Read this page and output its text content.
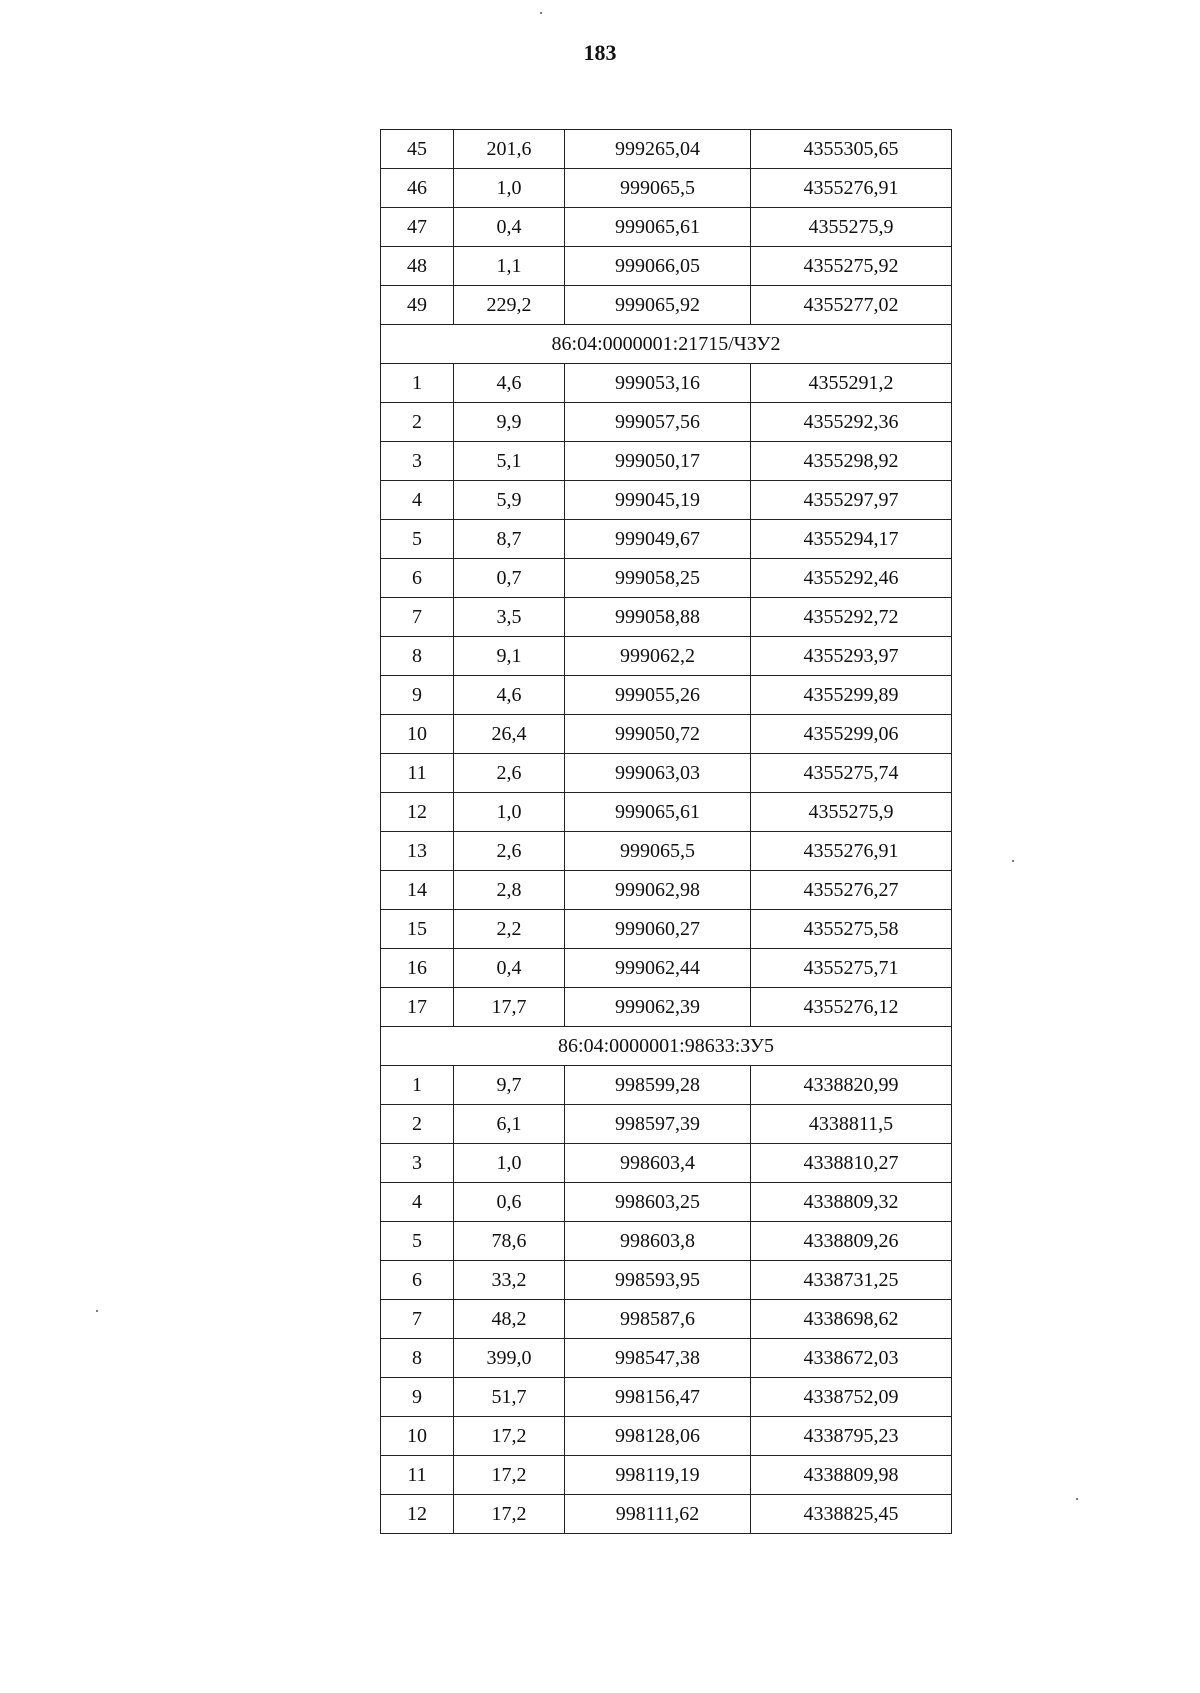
183
45	201,6	999265,04	4355305,65
46	1,0	999065,5	4355276,91
47	0,4	999065,61	4355275,9
48	1,1	999066,05	4355275,92
49	229,2	999065,92	4355277,02
86:04:0000001:21715/ЧЗУ2			
1	4,6	999053,16	4355291,2
2	9,9	999057,56	4355292,36
3	5,1	999050,17	4355298,92
4	5,9	999045,19	4355297,97
5	8,7	999049,67	4355294,17
6	0,7	999058,25	4355292,46
7	3,5	999058,88	4355292,72
8	9,1	999062,2	4355293,97
9	4,6	999055,26	4355299,89
10	26,4	999050,72	4355299,06
11	2,6	999063,03	4355275,74
12	1,0	999065,61	4355275,9
13	2,6	999065,5	4355276,91
14	2,8	999062,98	4355276,27
15	2,2	999060,27	4355275,58
16	0,4	999062,44	4355275,71
17	17,7	999062,39	4355276,12
86:04:0000001:98633:ЗУ5			
1	9,7	998599,28	4338820,99
2	6,1	998597,39	4338811,5
3	1,0	998603,4	4338810,27
4	0,6	998603,25	4338809,32
5	78,6	998603,8	4338809,26
6	33,2	998593,95	4338731,25
7	48,2	998587,6	4338698,62
8	399,0	998547,38	4338672,03
9	51,7	998156,47	4338752,09
10	17,2	998128,06	4338795,23
11	17,2	998119,19	4338809,98
12	17,2	998111,62	4338825,45
